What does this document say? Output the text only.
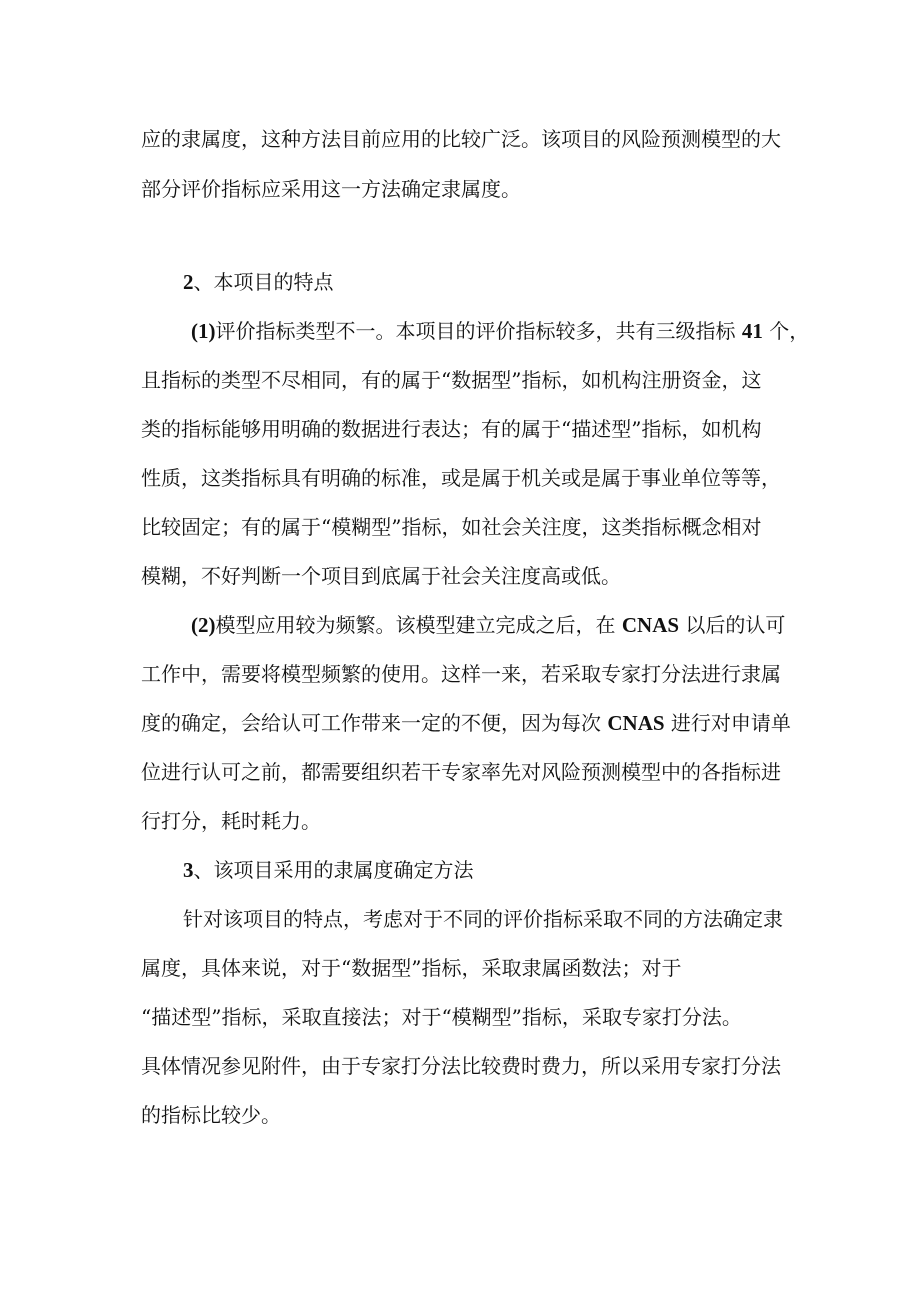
应的隶属度，这种方法目前应用的比较广泛。该项目的风险预测模型的大
部分评价指标应采用这一方法确定隶属度。
2、本项目的特点
(1)评价指标类型不一。本项目的评价指标较多，共有三级指标 41 个，
且指标的类型不尽相同，有的属于“数据型”指标，如机构注册资金，这
类的指标能够用明确的数据进行表达；有的属于“描述型”指标，如机构
性质，这类指标具有明确的标准，或是属于机关或是属于事业单位等等，
比较固定；有的属于“模糊型”指标，如社会关注度，这类指标概念相对
模糊，不好判断一个项目到底属于社会关注度高或低。
(2)模型应用较为频繁。该模型建立完成之后，在 CNAS 以后的认可
工作中，需要将模型频繁的使用。这样一来，若采取专家打分法进行隶属
度的确定，会给认可工作带来一定的不便，因为每次 CNAS 进行对申请单
位进行认可之前，都需要组织若干专家率先对风险预测模型中的各指标进
行打分，耗时耗力。
3、该项目采用的隶属度确定方法
针对该项目的特点，考虑对于不同的评价指标采取不同的方法确定隶
属度，具体来说，对于“数据型”指标，采取隶属函数法；对于
“描述型”指标，采取直接法；对于“模糊型”指标，采取专家打分法。
具体情况参见附件，由于专家打分法比较费时费力，所以采用专家打分法
的指标比较少。
